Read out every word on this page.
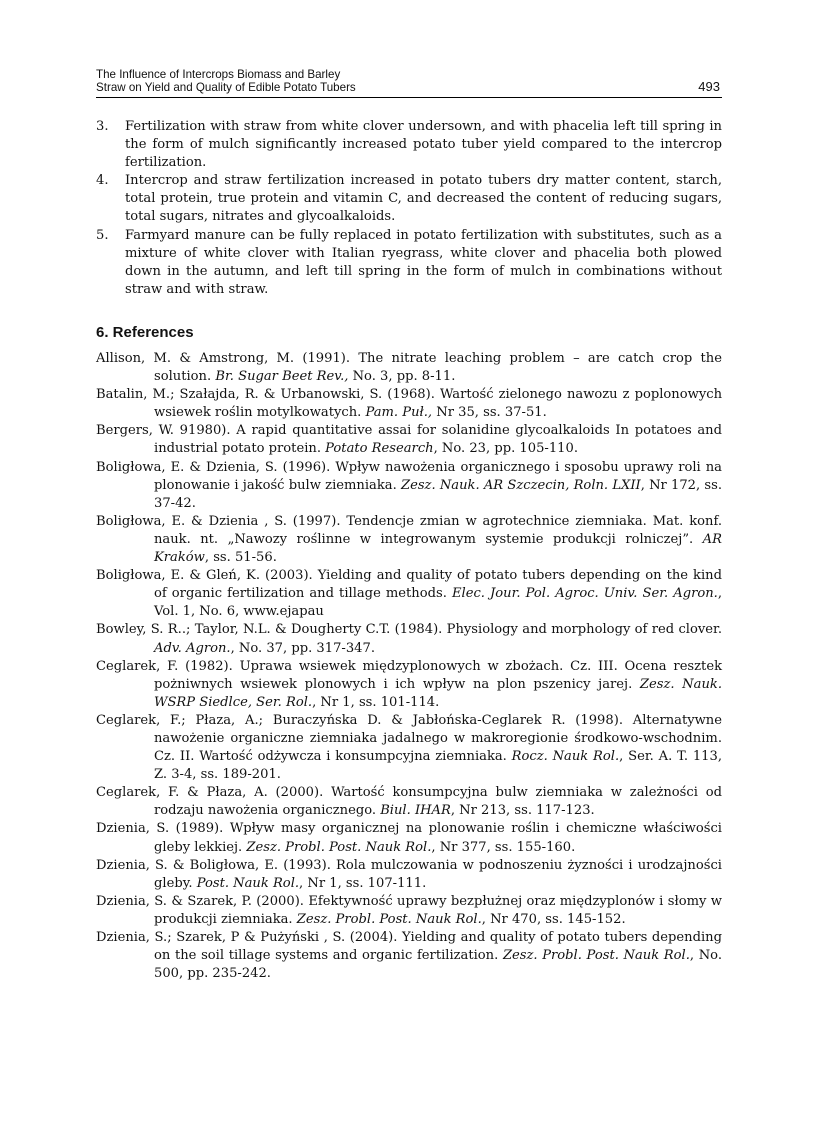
The Influence of Intercrops Biomass and Barley
Straw on Yield and Quality of Edible Potato Tubers	493

3. Fertilization with straw from white clover undersown, and with phacelia left till spring in the form of mulch significantly increased potato tuber yield compared to the intercrop fertilization.

4. Intercrop and straw fertilization increased in potato tubers dry matter content, starch, total protein, true protein and vitamin C, and decreased the content of reducing sugars, total sugars, nitrates and glycoalkaloids.

5. Farmyard manure can be fully replaced in potato fertilization with substitutes, such as a mixture of white clover with Italian ryegrass, white clover and phacelia both plowed down in the autumn, and left till spring in the form of mulch in combinations without straw and with straw.

6. References

Allison, M. & Amstrong, M. (1991). The nitrate leaching problem – are catch crop the solution. Br. Sugar Beet Rev., No. 3, pp. 8-11.

Batalin, M.; Szałajda, R. & Urbanowski, S. (1968). Wartość zielonego nawozu z poplonowych wsiewek roślin motylkowatych. Pam. Puł., Nr 35, ss. 37-51.

Bergers, W. 91980). A rapid quantitative assai for solanidine glycoalkaloids In potatoes and industrial potato protein. Potato Research, No. 23, pp. 105-110.

Boligłowa, E. & Dzienia, S. (1996). Wpływ nawożenia organicznego i sposobu uprawy roli na plonowanie i jakość bulw ziemniaka. Zesz. Nauk. AR Szczecin, Roln. LXII, Nr 172, ss. 37-42.

Boligłowa, E. & Dzienia , S. (1997). Tendencje zmian w agrotechnice ziemniaka. Mat. konf. nauk. nt. „Nawozy roślinne w integrowanym systemie produkcji rolniczej”. AR Kraków, ss. 51-56.

Boligłowa, E. & Gleń, K. (2003). Yielding and quality of potato tubers depending on the kind of organic fertilization and tillage methods. Elec. Jour. Pol. Agroc. Univ. Ser. Agron., Vol. 1, No. 6, www.ejapau

Bowley, S. R..; Taylor, N.L. & Dougherty C.T. (1984). Physiology and morphology of red clover. Adv. Agron., No. 37, pp. 317-347.

Ceglarek, F. (1982). Uprawa wsiewek międzyplonowych w zbożach. Cz. III. Ocena resztek pożniwnych wsiewek plonowych i ich wpływ na plon pszenicy jarej. Zesz. Nauk. WSRP Siedlce, Ser. Rol., Nr 1, ss. 101-114.

Ceglarek, F.; Płaza, A.; Buraczyńska D. & Jabłońska-Ceglarek R. (1998). Alternatywne nawożenie organiczne ziemniaka jadalnego w makroregionie środkowo-wschodnim. Cz. II. Wartość odżywcza i konsumpcyjna ziemniaka. Rocz. Nauk Rol., Ser. A. T. 113, Z. 3-4, ss. 189-201.

Ceglarek, F. & Płaza, A. (2000). Wartość konsumpcyjna bulw ziemniaka w zależności od rodzaju nawożenia organicznego. Biul. IHAR, Nr 213, ss. 117-123.

Dzienia, S. (1989). Wpływ masy organicznej na plonowanie roślin i chemiczne właściwości gleby lekkiej. Zesz. Probl. Post. Nauk Rol., Nr 377, ss. 155-160.

Dzienia, S. & Boligłowa, E. (1993). Rola mulczowania w podnoszeniu żyzności i urodzajności gleby. Post. Nauk Rol., Nr 1, ss. 107-111.

Dzienia, S. & Szarek, P. (2000). Efektywność uprawy bezpłużnej oraz międzyplonów i słomy w produkcji ziemniaka. Zesz. Probl. Post. Nauk Rol., Nr 470, ss. 145-152.

Dzienia, S.; Szarek, P & Pużyński , S. (2004). Yielding and quality of potato tubers depending on the soil tillage systems and organic fertilization. Zesz. Probl. Post. Nauk Rol., No. 500, pp. 235-242.
